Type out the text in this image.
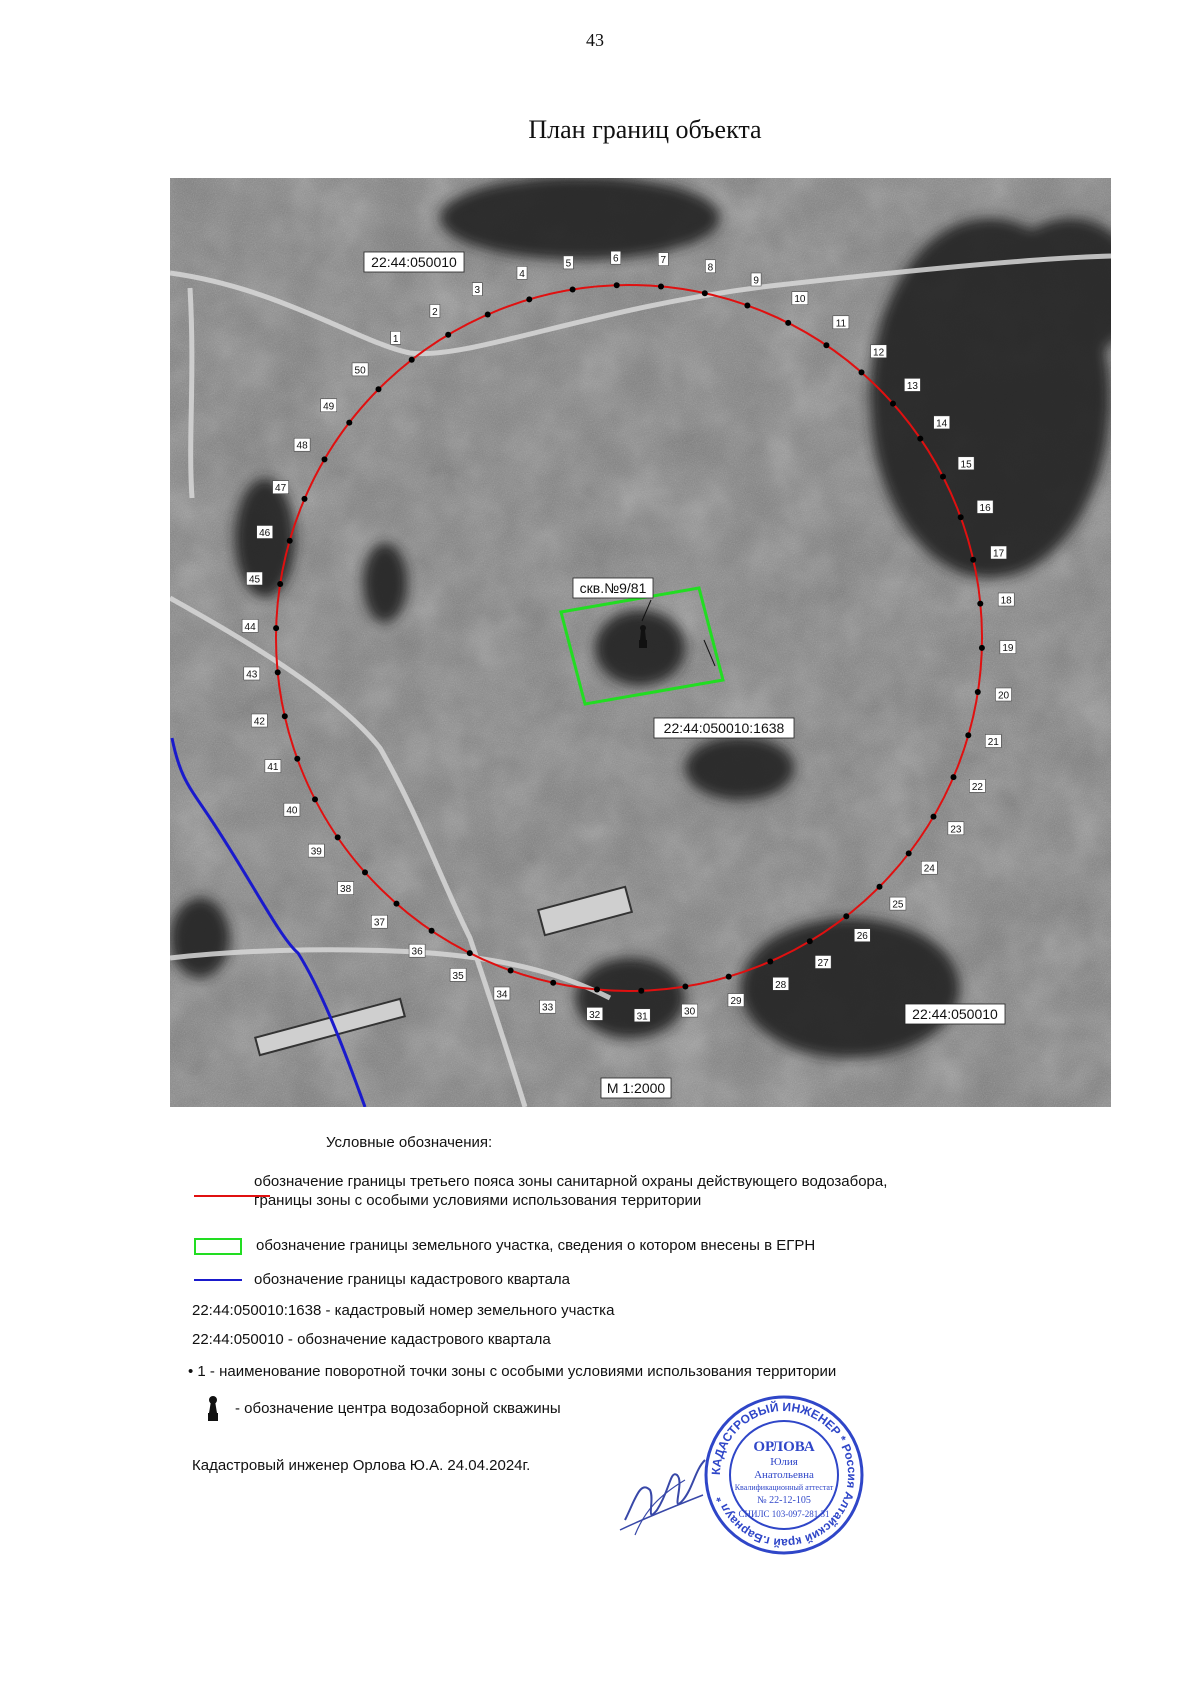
43
План границ объекта
1
2
3
4
5	6	7
8
9
10
11
12
13
14
15
16
17
18
19
20
21
22
23
24
25
26
27
28
29
30
31
32
33
34
35
36
37
38
39
40
41
42
43
44
45
46
47
48
49
50
скв.№9/81
22:44:050010:1638
22:44:050010
22:44:050010
М 1:2000
Условные обозначения:
обозначение границы третьего пояса зоны санитарной охраны действующего водозабора,
границы зоны с особыми условиями использования территории
обозначение границы земельного участка, сведения о котором внесены в ЕГРН
обозначение границы кадастрового квартала
22:44:050010:1638 - кадастровый номер земельного участка
22:44:050010 - обозначение кадастрового квартала
• 1 - наименование поворотной точки зоны с особыми условиями использования территории
- обозначение центра водозаборной скважины
Кадастровый инженер Орлова Ю.А. 24.04.2024г.	КАДАСТРОВЫЙ ИНЖЕНЕР * Россия Алтайский край г.Барнаул *
ОРЛОВА
Юлия
Анатольевна
Квалификационный аттестат
№ 22-12-105
СНИЛС 103-097-281 31
